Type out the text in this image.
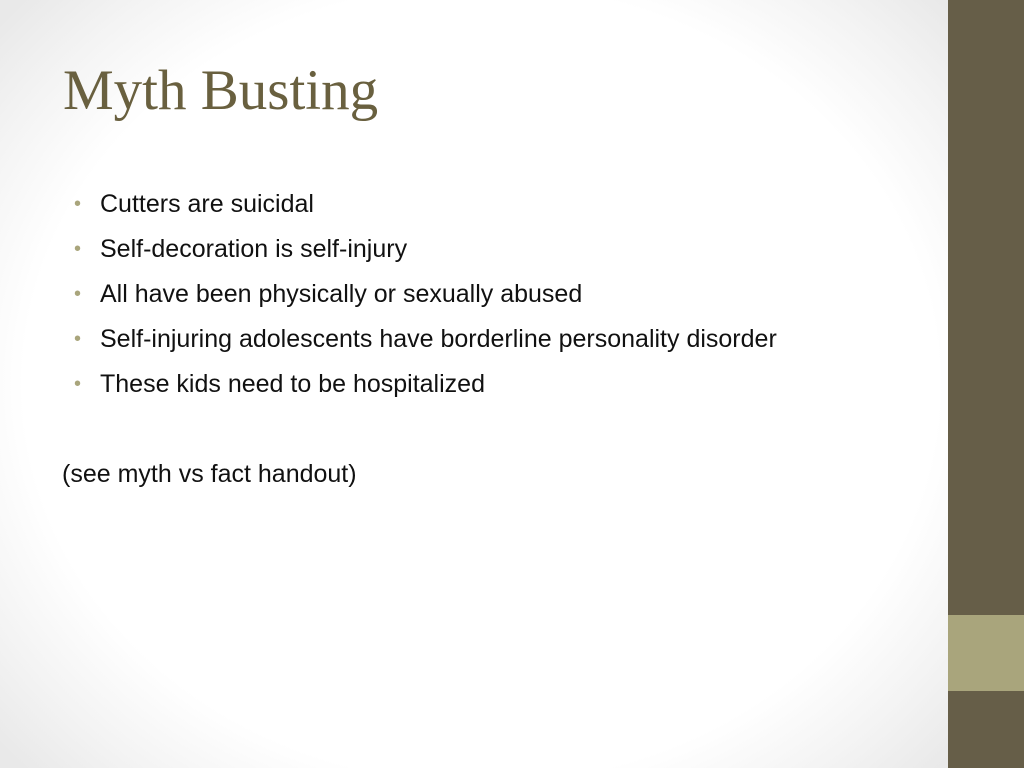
Myth Busting
• Cutters are suicidal
• Self-decoration is self-injury
• All have been physically or sexually abused
• Self-injuring adolescents have borderline personality disorder
• These kids need to be hospitalized

(see myth vs fact handout)
